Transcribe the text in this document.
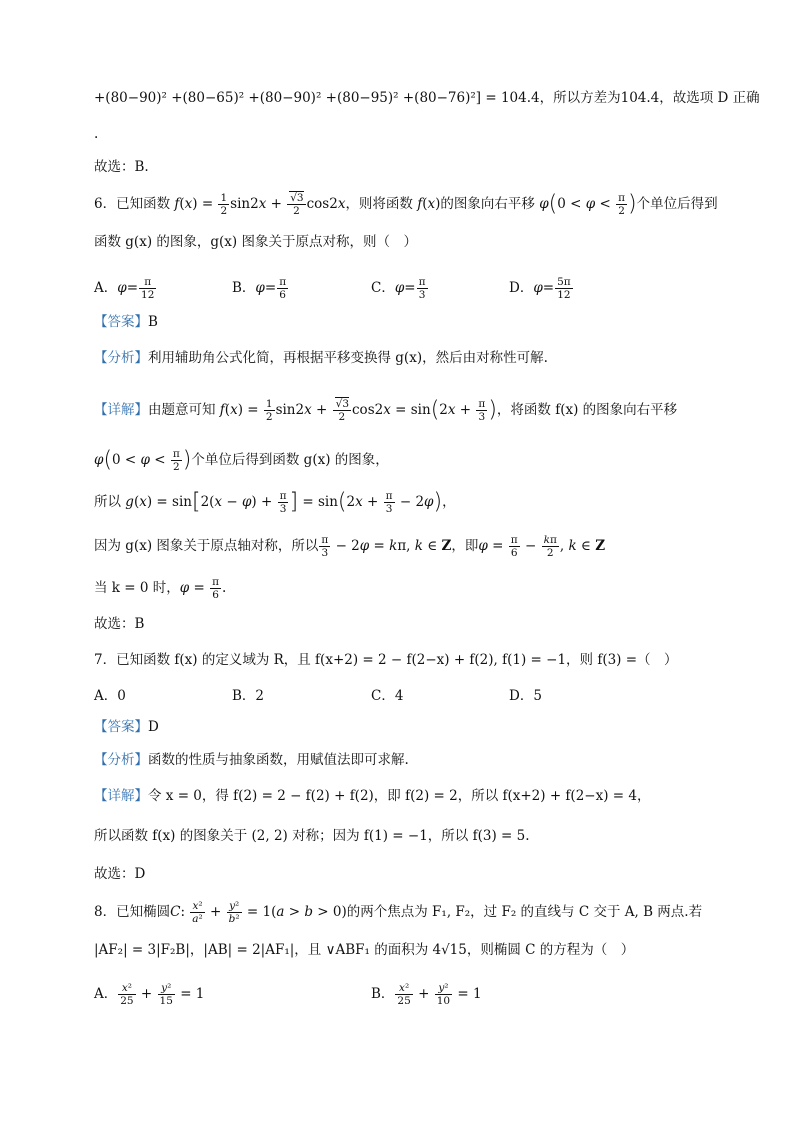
+(80−90)² +(80−65)² +(80−90)² +(80−95)² +(80−76)²] = 104.4，所以方差为104.4，故选项 D 正确
.
故选：B.
6．已知函数 $f(x) = \frac{1}{2} \sin 2x + \frac{√3}{2} \cos 2x$，则将函数 f(x)的图象向右平移 $\varphi(0 < \varphi < \frac{\pi}{2}$ )个单位后得到
函数 g(x) 的图象，g(x) 图象关于原点对称，则（　）
A．$\varphi= \frac{\pi}{12}$	B．$\varphi= \frac{\pi}{6}$	C．$\varphi= \frac{\pi}{3}$	D．$\varphi= \frac{5\pi}{12}$
【答案】B
【分析】利用辅助角公式化简，再根据平移变换得 g(x)，然后由对称性可解.
【详解】由题意可知 $f(x) = \frac{1}{2} \sin 2x + \frac{√3}{2} \cos 2x = \sin(2x + \frac{\pi}{3}$ )，将函数 f(x) 的图象向右平移
$\varphi(0 < \varphi < \frac{\pi}{2}$ )个单位后得到函数 g(x) 的图象，
所以 $g(x) = \sin[2(x - \varphi) + \frac{\pi}{3}$ ] = $\sin(2x + \frac{\pi}{3} - 2\varphi)$，
因为 g(x) 图象关于原点轴对称，所以 $\frac{\pi}{3} - 2\varphi = k\pi$, k ∈ Z，即$\varphi = \frac{\pi}{6} - \frac{k\pi}{2}$ , k ∈ Z
当 k = 0 时，$\varphi = \frac{\pi}{6}$ .
故选：B
7．已知函数 f(x) 的定义域为 R，且 f(x+2) = 2 − f(2−x) + f(2), f(1) = −1，则 f(3) =（　）
A．0	B．2	C．4	D．5
【答案】D
【分析】函数的性质与抽象函数，用赋值法即可求解.
【详解】令 x = 0，得 f(2) = 2 − f(2) + f(2)，即 f(2) = 2，所以 f(x+2) + f(2−x) = 4，
所以函数 f(x) 的图象关于 (2, 2) 对称；因为 f(1) = −1，所以 f(3) = 5.
故选：D
8．已知椭圆C: $\frac{\text{x²}}{\text{a²}} + \frac{\text{y²}}{\text{b²}} = 1(a > b > 0)$的两个焦点为 F₁, F₂，过 F₂ 的直线与 C 交于 A, B 两点.若
|AF₂| = 3|F₂B|，|AB| = 2|AF₁|，且 ∨ABF₁ 的面积为 4√15，则椭圆 C 的方程为（　）
A． $\frac{\text{x²}}{25} + \frac{\text{y²}}{15} = 1$	B． $\frac{\text{x²}}{25} + \frac{\text{y²}}{10} = 1$
